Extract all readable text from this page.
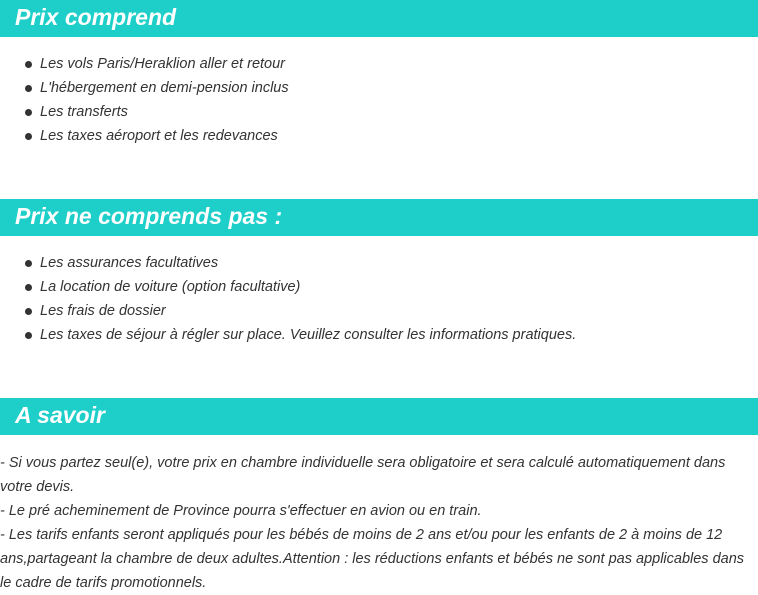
Prix comprend
Les vols Paris/Heraklion aller et retour
L'hébergement en demi-pension inclus
Les transferts
Les taxes aéroport et les redevances
Prix ne comprends pas :
Les assurances facultatives
La location de voiture (option facultative)
Les frais de dossier
Les taxes de séjour à régler sur place. Veuillez consulter les informations pratiques.
A savoir
- Si vous partez seul(e), votre prix en chambre individuelle sera obligatoire et sera calculé automatiquement dans votre devis.
- Le pré acheminement de Province pourra s'effectuer en avion ou en train.
- Les tarifs enfants seront appliqués pour les bébés de moins de 2 ans et/ou pour les enfants de 2 à moins de 12 ans,partageant la chambre de deux adultes.Attention : les réductions enfants et bébés ne sont pas applicables dans le cadre de tarifs promotionnels.
